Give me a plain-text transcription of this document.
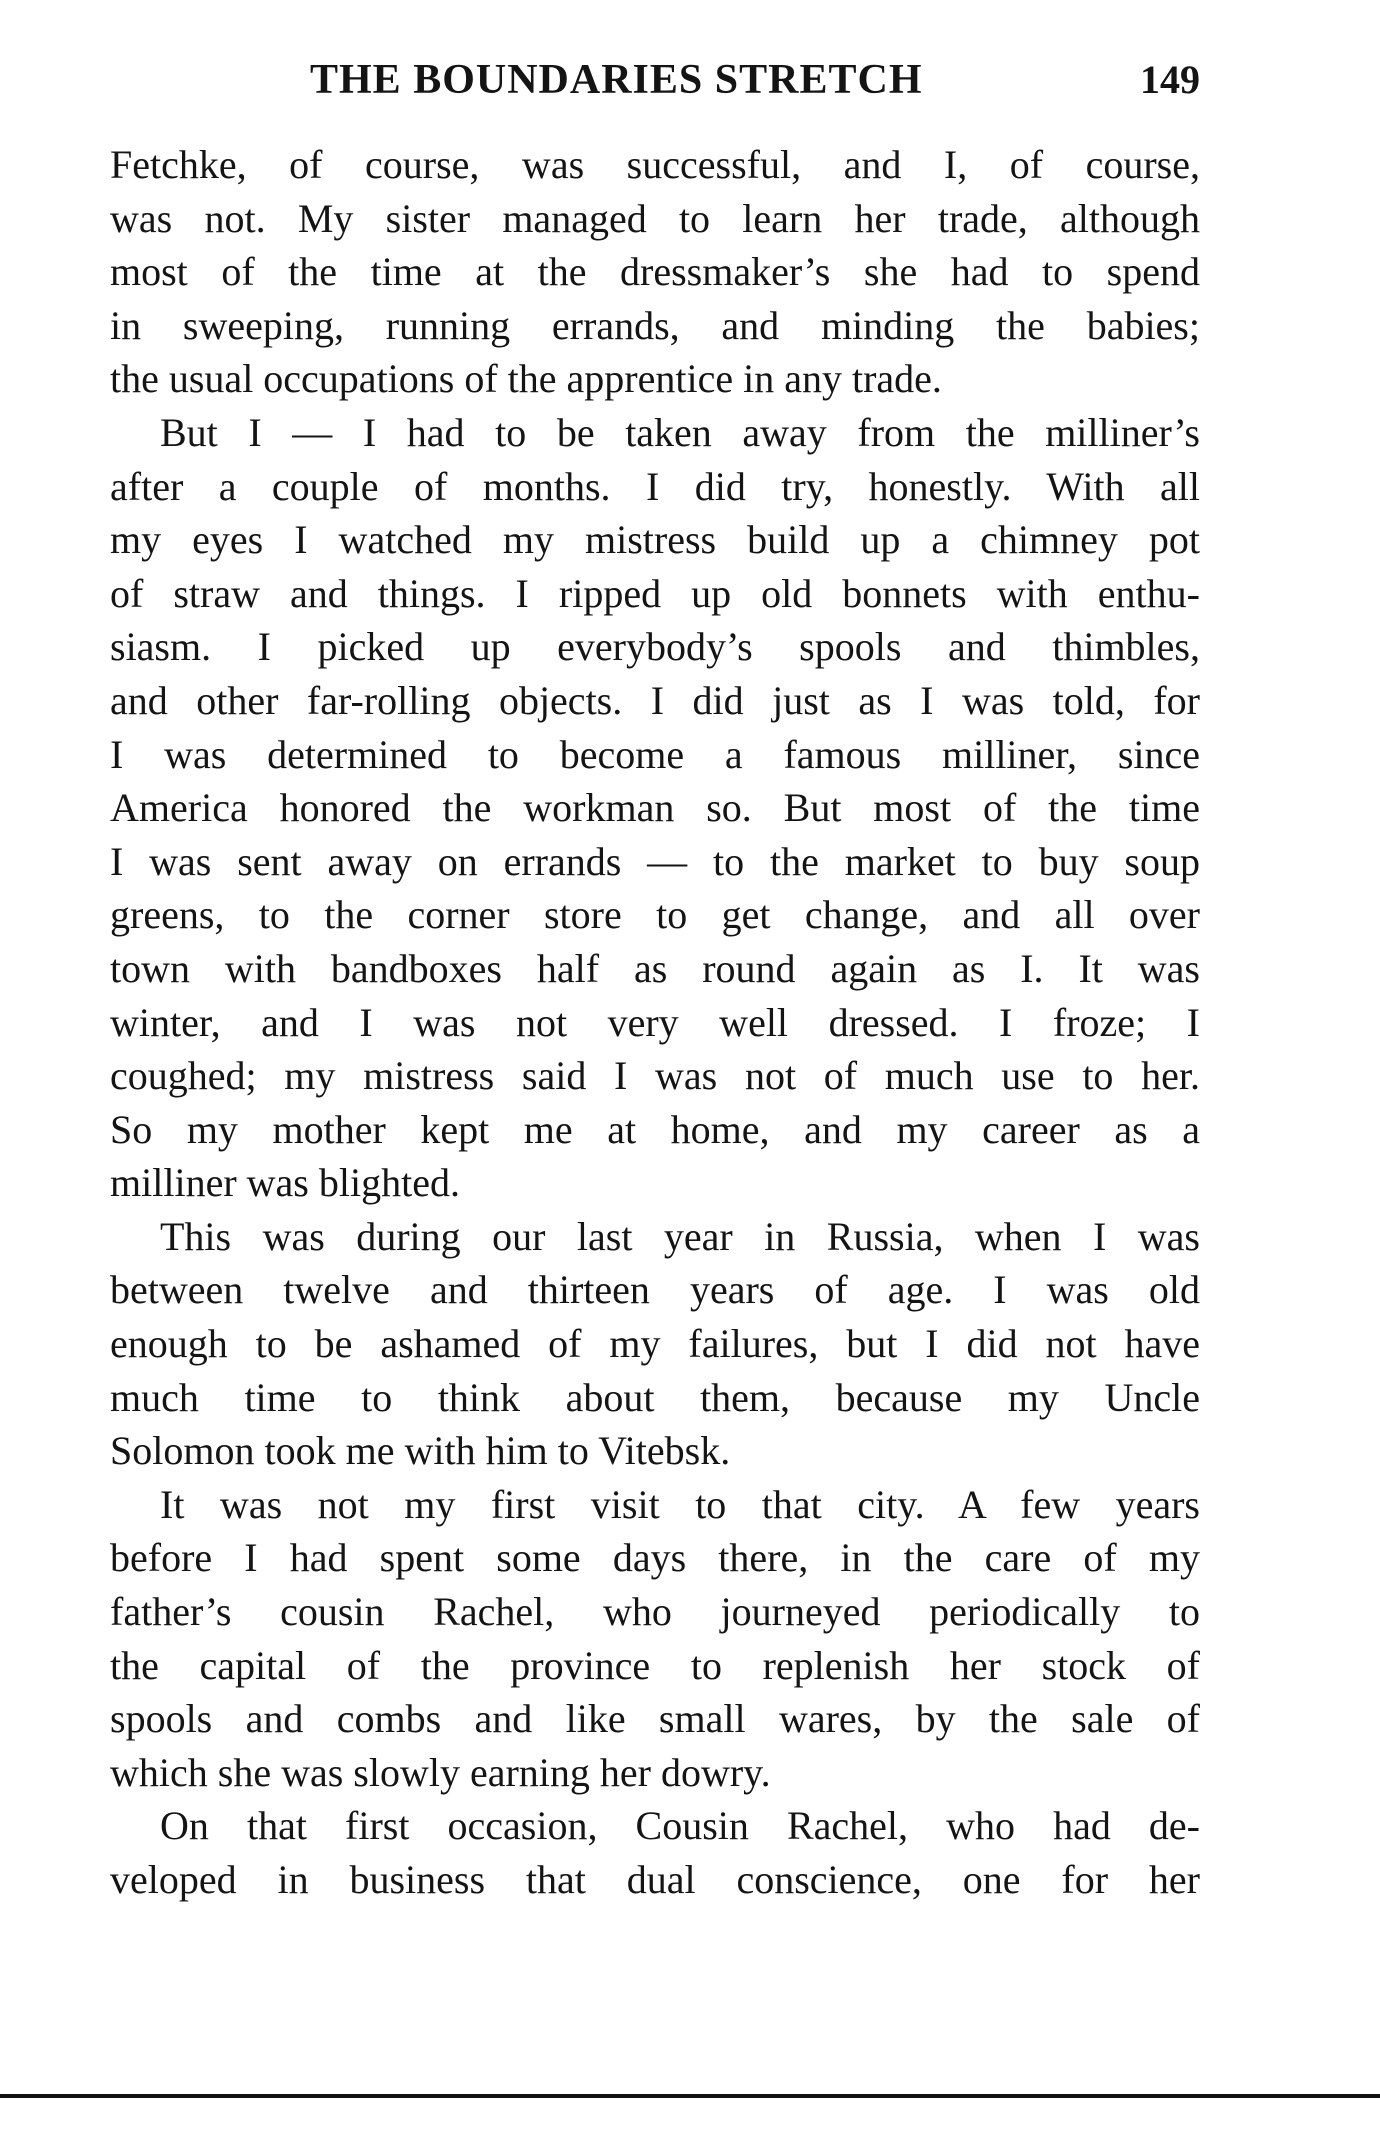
THE BOUNDARIES STRETCH	149
Fetchke, of course, was successful, and I, of course,
was not. My sister managed to learn her trade, although
most of the time at the dressmaker’s she had to spend
in sweeping, running errands, and minding the babies;
the usual occupations of the apprentice in any trade.
But I — I had to be taken away from the milliner’s
after a couple of months. I did try, honestly. With all
my eyes I watched my mistress build up a chimney pot
of straw and things. I ripped up old bonnets with enthu-
siasm. I picked up everybody’s spools and thimbles,
and other far-rolling objects. I did just as I was told, for
I was determined to become a famous milliner, since
America honored the workman so. But most of the time
I was sent away on errands — to the market to buy soup
greens, to the corner store to get change, and all over
town with bandboxes half as round again as I. It was
winter, and I was not very well dressed. I froze; I
coughed; my mistress said I was not of much use to her.
So my mother kept me at home, and my career as a
milliner was blighted.
This was during our last year in Russia, when I was
between twelve and thirteen years of age. I was old
enough to be ashamed of my failures, but I did not have
much time to think about them, because my Uncle
Solomon took me with him to Vitebsk.
It was not my first visit to that city. A few years
before I had spent some days there, in the care of my
father’s cousin Rachel, who journeyed periodically to
the capital of the province to replenish her stock of
spools and combs and like small wares, by the sale of
which she was slowly earning her dowry.
On that first occasion, Cousin Rachel, who had de-
veloped in business that dual conscience, one for her
